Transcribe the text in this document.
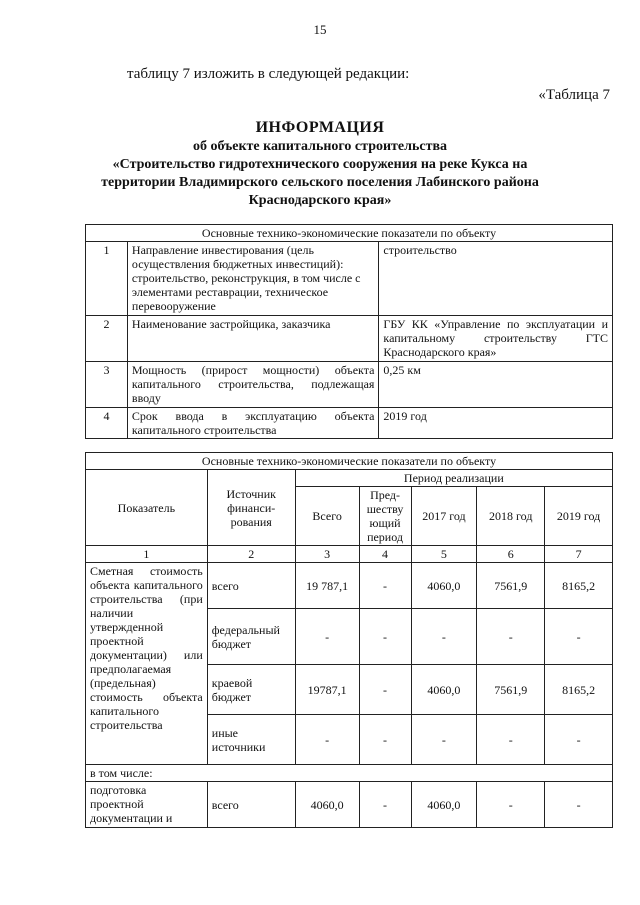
15
таблицу 7 изложить в следующей редакции:
«Таблица 7
ИНФОРМАЦИЯ
об объекте капитального строительства
«Строительство гидротехнического сооружения на реке Кукса на
территории Владимирского сельского поселения Лабинского района
Краснодарского края»
Основные технико-экономические показатели по объекту		
1	Направление инвестирования (цель осуществления бюджетных инвестиций): строительство, реконструкция, в том числе с элементами реставрации, техническое перевооружение	строительство
2	Наименование застройщика, заказчика	ГБУ КК «Управление по эксплуатации и капитальному строительству ГТС Краснодарского края»
3	Мощность (прирост мощности) объекта капитального строительства, подлежащая вводу	0,25 км
4	Срок ввода в эксплуатацию объекта капитального строительства	2019 год
Основные технико-экономические показатели по объекту						
Показатель	Источник финанси-рования	Период реализации				
		Всего	Пред-шеству ющий период	2017 год	2018 год	2019 год
1	2	3	4	5	6	7
Сметная стоимость объекта капитального строительства (при наличии утвержденной проектной документации) или предполагаемая (предельная) стоимость объекта капитального строительства	всего	19 787,1	-	4060,0	7561,9	8165,2
	федеральный бюджет	-	-	-	-	-
	краевой бюджет	19787,1	-	4060,0	7561,9	8165,2
	иные источники	-	-	-	-	-
в том числе:						
подготовка проектной документации и	всего	4060,0	-	4060,0	-	-
